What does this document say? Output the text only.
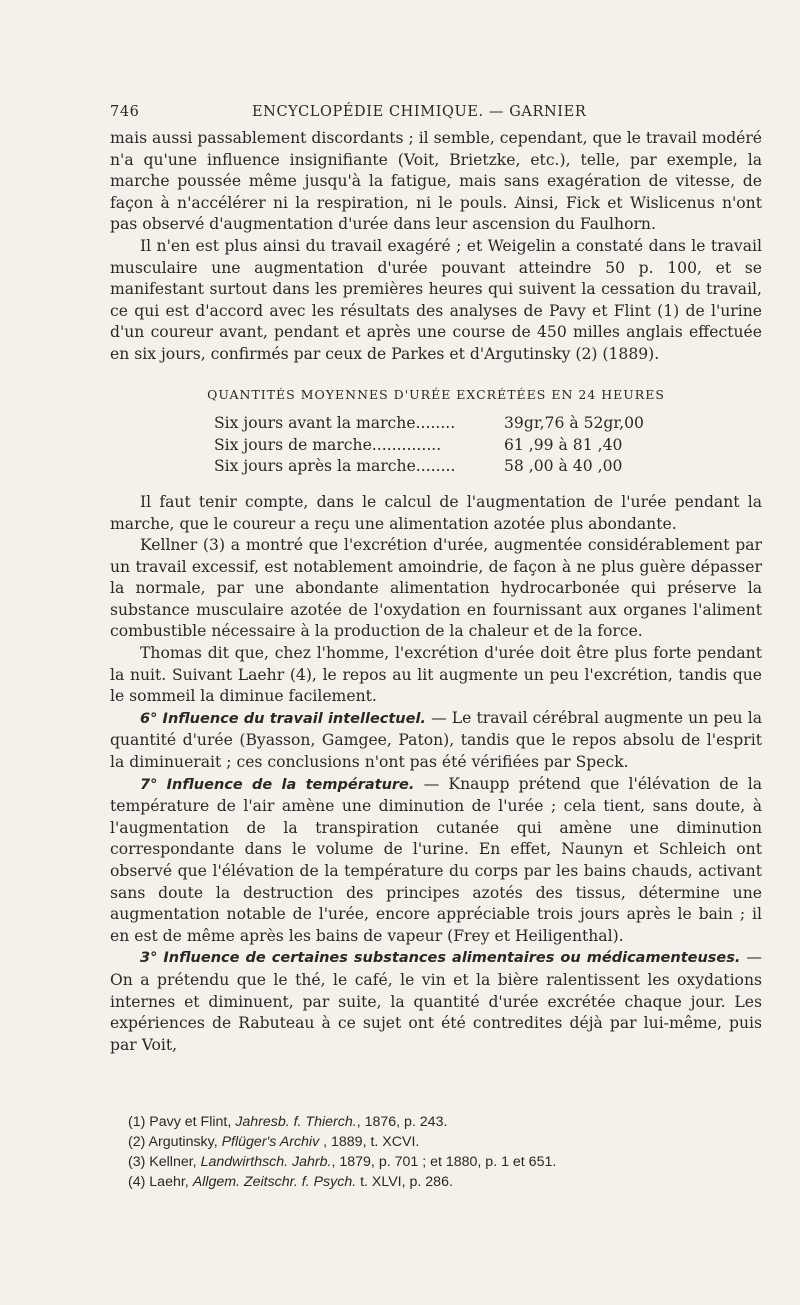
746	ENCYCLOPÉDIE CHIMIQUE. — GARNIER

mais aussi passablement discordants ; il semble, cependant, que le travail modéré n'a qu'une influence insignifiante (Voit, Brietzke, etc.), telle, par exemple, la marche poussée même jusqu'à la fatigue, mais sans exagération de vitesse, de façon à n'accélérer ni la respiration, ni le pouls. Ainsi, Fick et Wislicenus n'ont pas observé d'augmentation d'urée dans leur ascension du Faulhorn.

Il n'en est plus ainsi du travail exagéré ; et Weigelin a constaté dans le travail musculaire une augmentation d'urée pouvant atteindre 50 p. 100, et se manifestant surtout dans les premières heures qui suivent la cessation du travail, ce qui est d'accord avec les résultats des analyses de Pavy et Flint (1) de l'urine d'un coureur avant, pendant et après une course de 450 milles anglais effectuée en six jours, confirmés par ceux de Parkes et d'Argutinsky (2) (1889).

QUANTITÉS MOYENNES D'URÉE EXCRÉTÉES EN 24 HEURES
Six jours avant la marche........	39gr,76 à 52gr,00
Six jours de marche..............	61 ,99 à 81 ,40
Six jours après la marche........	58 ,00 à 40 ,00

Il faut tenir compte, dans le calcul de l'augmentation de l'urée pendant la marche, que le coureur a reçu une alimentation azotée plus abondante.

Kellner (3) a montré que l'excrétion d'urée, augmentée considérablement par un travail excessif, est notablement amoindrie, de façon à ne plus guère dépasser la normale, par une abondante alimentation hydrocarbonée qui préserve la substance musculaire azotée de l'oxydation en fournissant aux organes l'aliment combustible nécessaire à la production de la chaleur et de la force.

Thomas dit que, chez l'homme, l'excrétion d'urée doit être plus forte pendant la nuit. Suivant Laehr (4), le repos au lit augmente un peu l'excrétion, tandis que le sommeil la diminue facilement.

6° Influence du travail intellectuel. — Le travail cérébral augmente un peu la quantité d'urée (Byasson, Gamgee, Paton), tandis que le repos absolu de l'esprit la diminuerait ; ces conclusions n'ont pas été vérifiées par Speck.

7° Influence de la température. — Knaupp prétend que l'élévation de la température de l'air amène une diminution de l'urée ; cela tient, sans doute, à l'augmentation de la transpiration cutanée qui amène une diminution correspondante dans le volume de l'urine. En effet, Naunyn et Schleich ont observé que l'élévation de la température du corps par les bains chauds, activant sans doute la destruction des principes azotés des tissus, détermine une augmentation notable de l'urée, encore appréciable trois jours après le bain ; il en est de même après les bains de vapeur (Frey et Heiligenthal).

3° Influence de certaines substances alimentaires ou médicamenteuses. — On a prétendu que le thé, le café, le vin et la bière ralentissent les oxydations internes et diminuent, par suite, la quantité d'urée excrétée chaque jour. Les expériences de Rabuteau à ce sujet ont été contredites déjà par lui-même, puis par Voit,

(1) Pavy et Flint, Jahresb. f. Thierch., 1876, p. 243.
(2) Argutinsky, Pflüger's Archiv , 1889, t. XCVI.
(3) Kellner, Landwirthsch. Jahrb., 1879, p. 701 ; et 1880, p. 1 et 651.
(4) Laehr, Allgem. Zeitschr. f. Psych. t. XLVI, p. 286.
